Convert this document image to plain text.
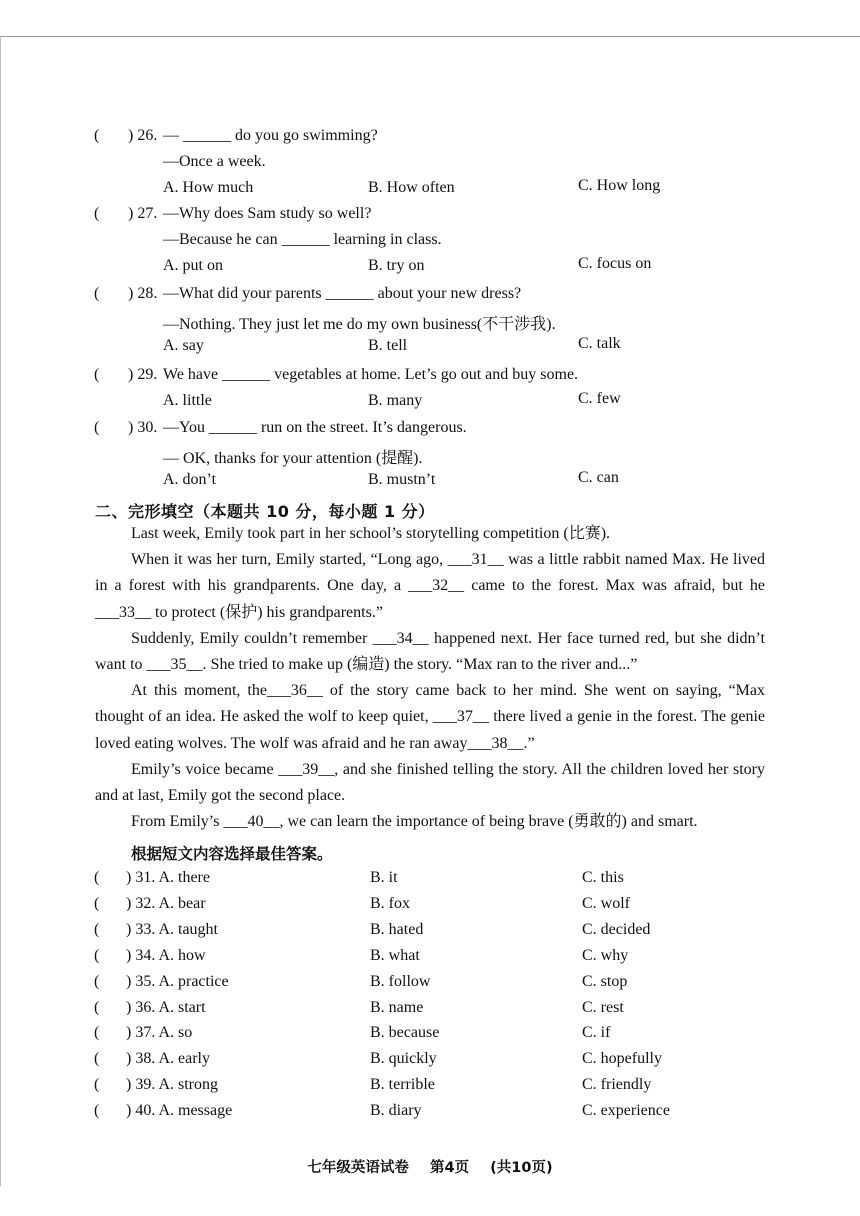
( ) 26. — ______ do you go swimming?
—Once a week.
A. How much	B. How often	C. How long
( ) 27. —Why does Sam study so well?
—Because he can ______ learning in class.
A. put on	B. try on	C. focus on
( ) 28. —What did your parents ______ about your new dress?
—Nothing. They just let me do my own business(不干涉我).
A. say	B. tell	C. talk
( ) 29. We have ______ vegetables at home. Let’s go out and buy some.
A. little	B. many	C. few
( ) 30. —You ______ run on the street. It’s dangerous.
— OK, thanks for your attention (提醒).
A. don’t	B. mustn’t	C. can
二、完形填空（本题共 10 分，每小题 1 分）

Last week, Emily took part in her school’s storytelling competition (比赛).

When it was her turn, Emily started, “Long ago, ___31__ was a little rabbit named Max. He lived in a forest with his grandparents. One day, a ___32__ came to the forest. Max was afraid, but he ___33__ to protect (保护) his grandparents.”

Suddenly, Emily couldn’t remember ___34__ happened next. Her face turned red, but she didn’t want to ___35__. She tried to make up (编造) the story. “Max ran to the river and...”

At this moment, the___36__ of the story came back to her mind. She went on saying, “Max thought of an idea. He asked the wolf to keep quiet, ___37__ there lived a genie in the forest. The genie loved eating wolves. The wolf was afraid and he ran away___38__.”

Emily’s voice became ___39__, and she finished telling the story. All the children loved her story and at last, Emily got the second place.

From Emily’s ___40__, we can learn the importance of being brave (勇敢的) and smart.

根据短文内容选择最佳答案。
( ) 31. A. there	B. it	C. this
( ) 32. A. bear	B. fox	C. wolf
( ) 33. A. taught	B. hated	C. decided
( ) 34. A. how	B. what	C. why
( ) 35. A. practice	B. follow	C. stop
( ) 36. A. start	B. name	C. rest
( ) 37. A. so	B. because	C. if
( ) 38. A. early	B. quickly	C. hopefully
( ) 39. A. strong	B. terrible	C. friendly
( ) 40. A. message	B. diary	C. experience
七年级英语试卷 第4页 (共10页)
